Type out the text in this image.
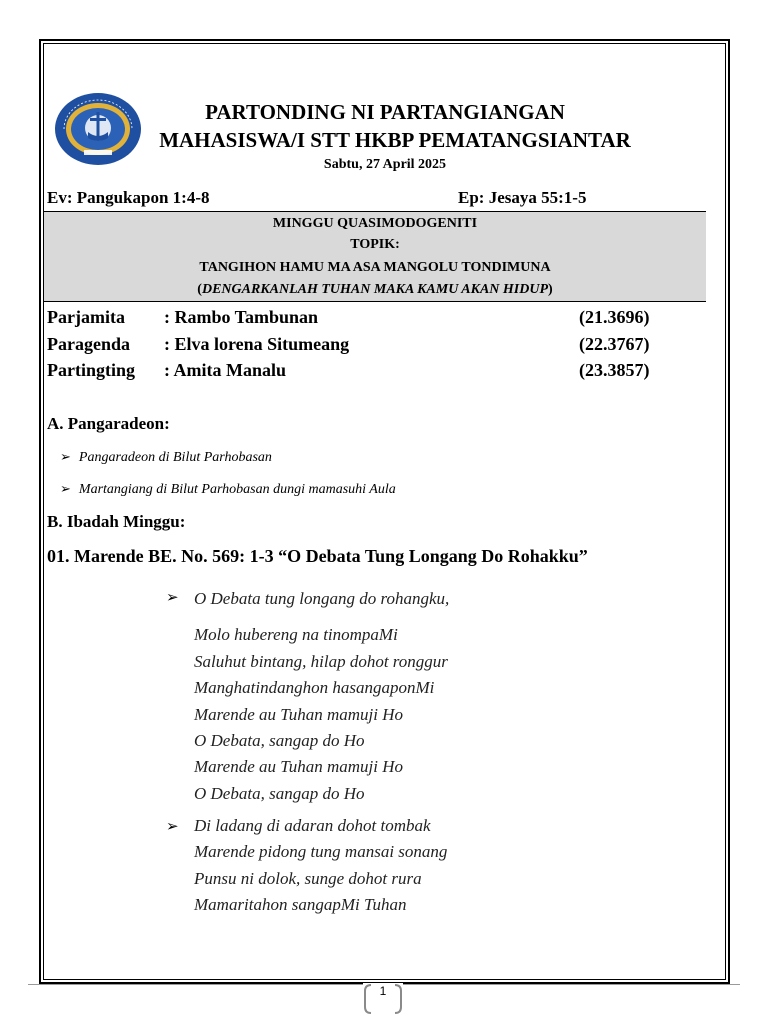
PARTONDING NI PARTANGIANGAN
MAHASISWA/I STT HKBP PEMATANGSIANTAR
Sabtu, 27 April 2025
Ev: Pangukapon 1:4-8	Ep: Jesaya 55:1-5
MINGGU QUASIMODOGENITI
TOPIK:
TANGIHON HAMU MA ASA MANGOLU TONDIMUNA
(DENGARKANLAH TUHAN MAKA KAMU AKAN HIDUP)
Parjamita : Rambo Tambunan	(21.3696)
Paragenda : Elva lorena Situmeang	(22.3767)
Partingting : Amita Manalu	(23.3857)
A. Pangaradeon:
➢ Pangaradeon di Bilut Parhobasan
➢ Martangiang di Bilut Parhobasan dungi mamasuhi Aula
B. Ibadah Minggu:
01. Marende BE. No. 569: 1-3 “O Debata Tung Longang Do Rohakku”
➢ O Debata tung longang do rohangku,
Molo hubereng na tinompaMi
Saluhut bintang, hilap dohot ronggur
Manghatindanghon hasangaponMi
Marende au Tuhan mamuji Ho
O Debata, sangap do Ho
Marende au Tuhan mamuji Ho
O Debata, sangap do Ho
➢ Di ladang di adaran dohot tombak
Marende pidong tung mansai sonang
Punsu ni dolok, sunge dohot rura
Mamaritahon sangapMi Tuhan
1
